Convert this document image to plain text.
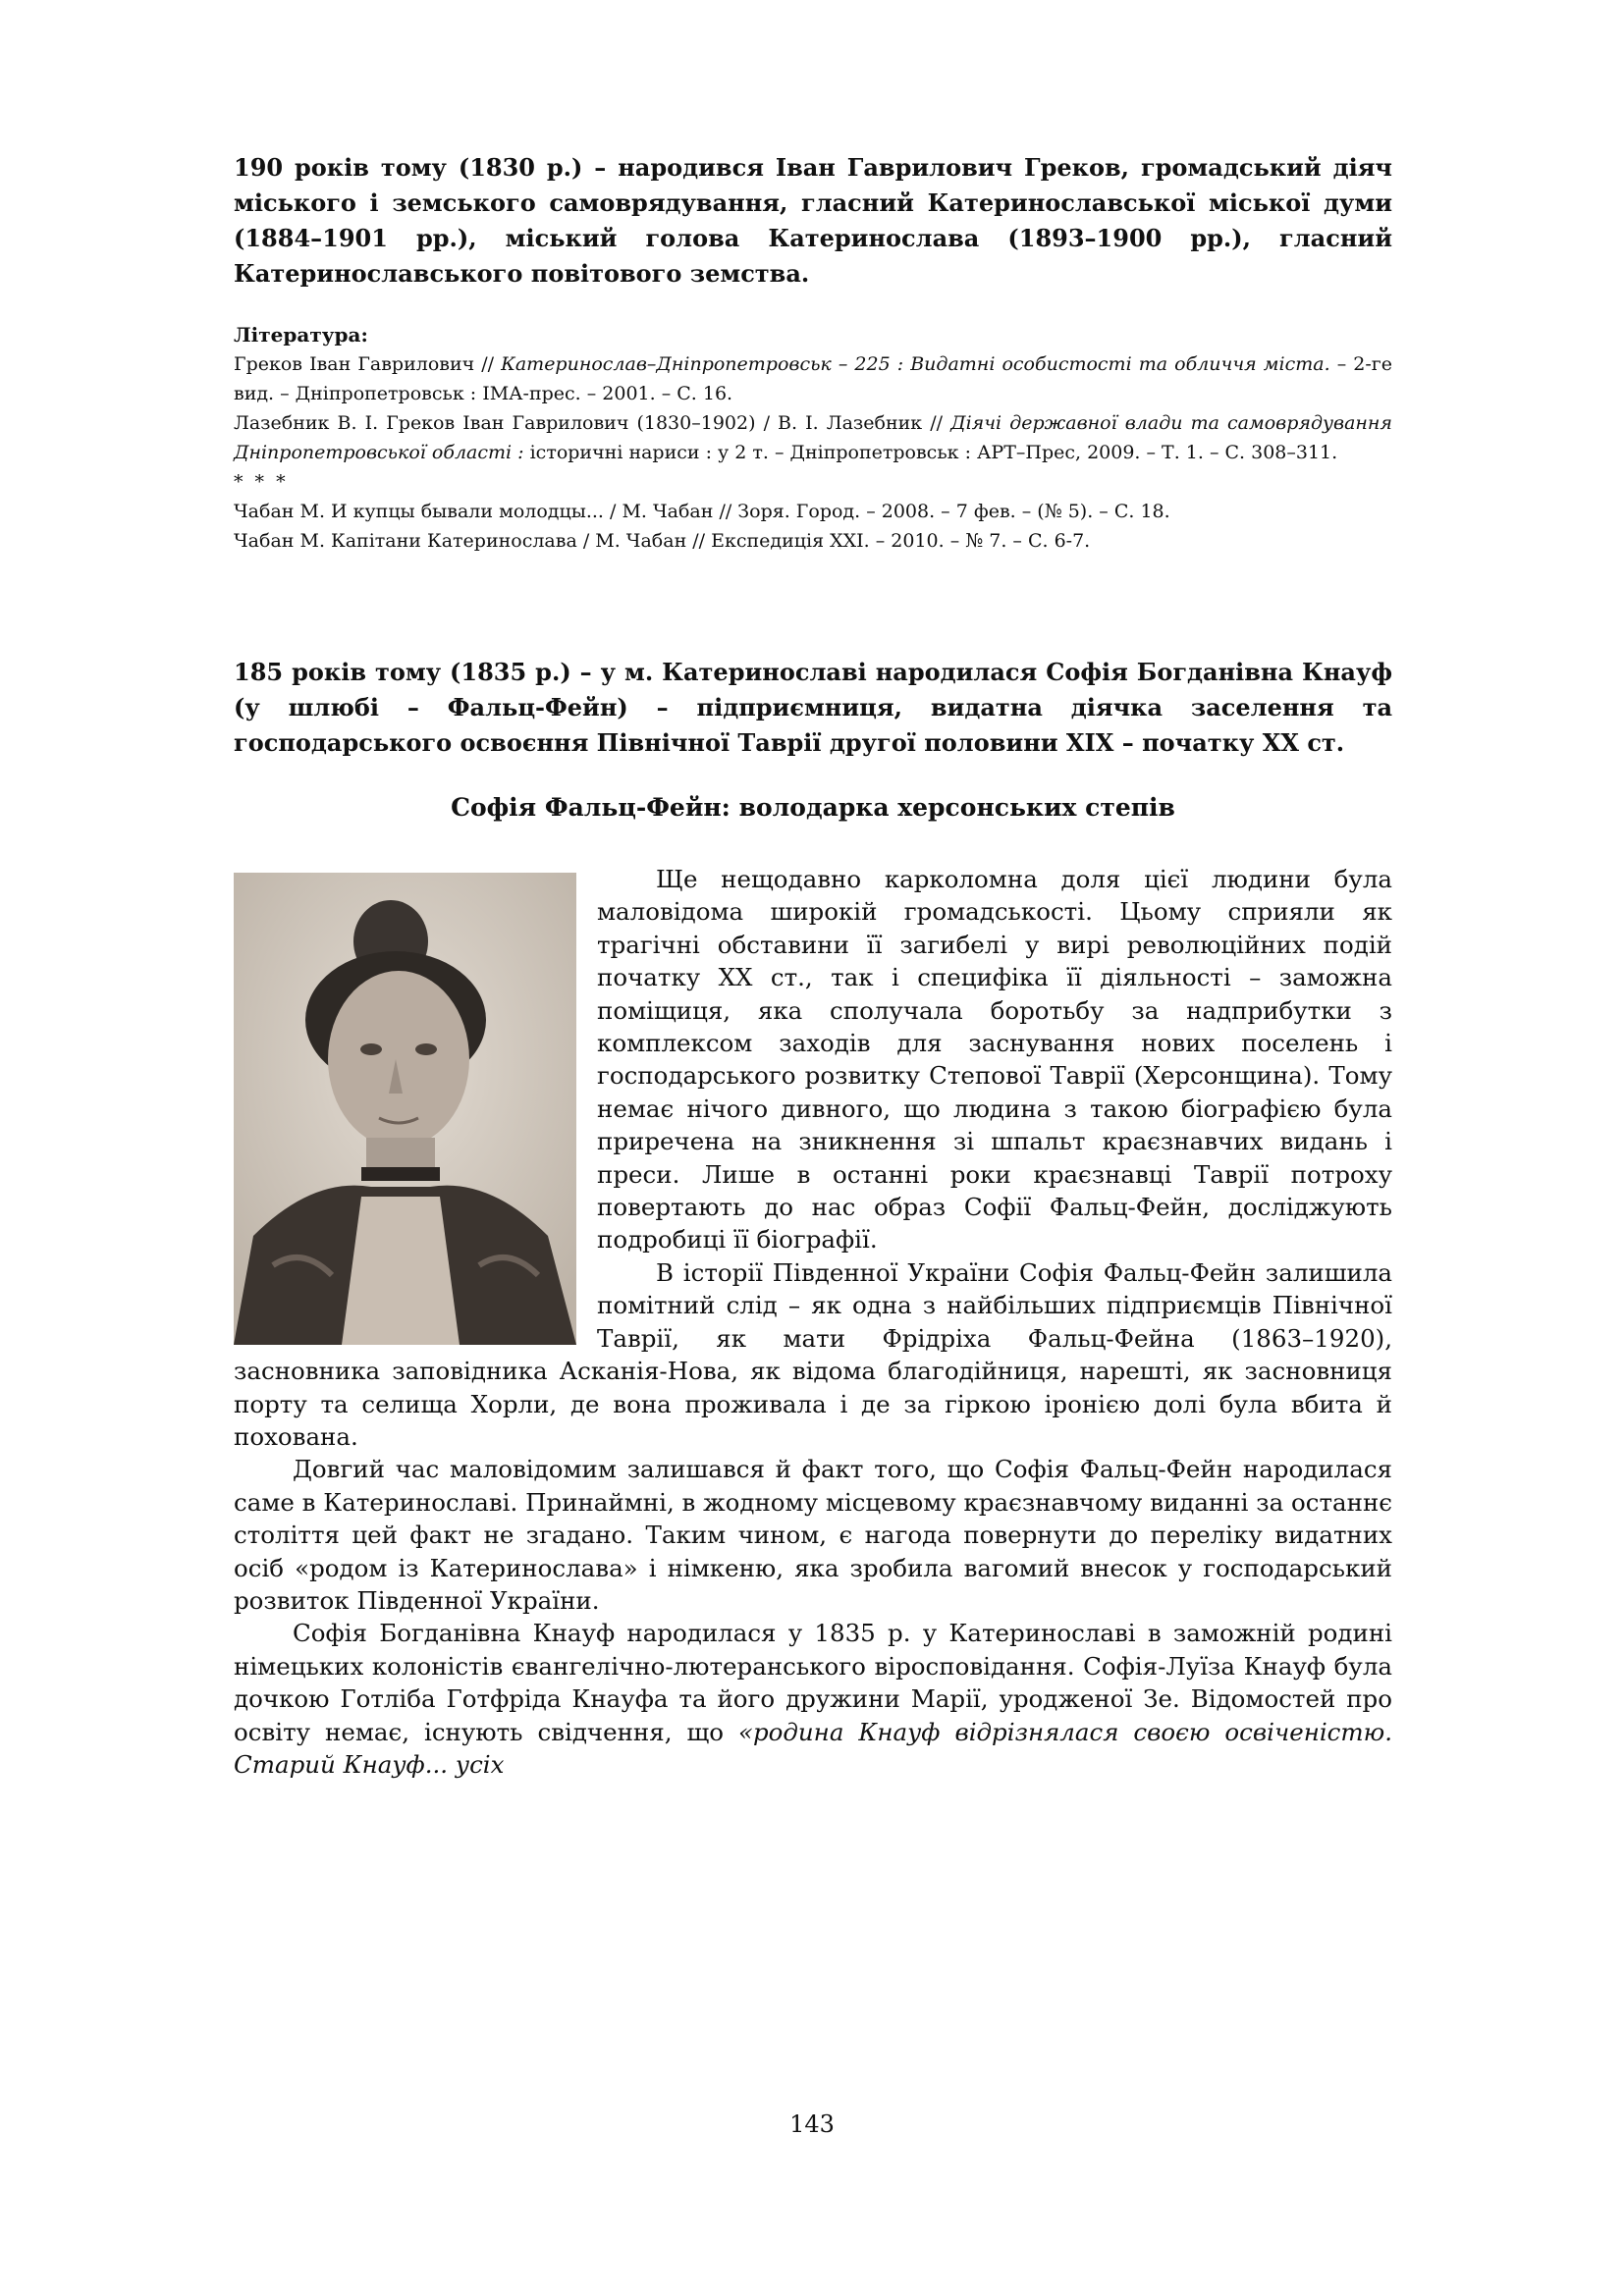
190 років тому (1830 р.) – народився Іван Гаврилович Греков, громадський діяч міського і земського самоврядування, гласний Катеринославської міської думи (1884–1901 рр.), міський голова Катеринослава (1893–1900 рр.), гласний Катеринославського повітового земства.

Література:

Греков Іван Гаврилович // Катеринослав–Дніпропетровськ – 225 : Видатні особистості та обличчя міста. – 2-ге вид. – Дніпропетровськ : ІМА-прес. – 2001. – С. 16.

Лазебник В. І. Греков Іван Гаврилович (1830–1902) / В. І. Лазебник // Діячі державної влади та самоврядування Дніпропетровської області : історичні нариси : у 2 т. – Дніпропетровськ : АРТ–Прес, 2009. – Т. 1. – С. 308–311.

* * *

Чабан М. И купцы бывали молодцы... / М. Чабан // Зоря. Город. – 2008. – 7 фев. – (№ 5). – С. 18.

Чабан М. Капітани Катеринослава / М. Чабан // Експедиція ХХІ. – 2010. – № 7. – С. 6-7.

185 років тому (1835 р.) – у м. Катеринославі народилася Софія Богданівна Кнауф (у шлюбі – Фальц-Фейн) – підприємниця, видатна діячка заселення та господарського освоєння Північної Таврії другої половини ХІХ – початку ХХ ст.

Софія Фальц-Фейн: володарка херсонських степів

Ще нещодавно карколомна доля цієї людини була маловідома широкій громадськості. Цьому сприяли як трагічні обставини її загибелі у вирі революційних подій початку ХХ ст., так і специфіка її діяльності – заможна поміщиця, яка сполучала боротьбу за надприбутки з комплексом заходів для заснування нових поселень і господарського розвитку Степової Таврії (Херсонщина). Тому немає нічого дивного, що людина з такою біографією була приречена на зникнення зі шпальт краєзнавчих видань і преси. Лише в останні роки краєзнавці Таврії потроху повертають до нас образ Софії Фальц-Фейн, досліджують подробиці її біографії.

В історії Південної України Софія Фальц-Фейн залишила помітний слід – як одна з найбільших підприємців Північної Таврії, як мати Фрідріха Фальц-Фейна (1863–1920), засновника заповідника Асканія-Нова, як відома благодійниця, нарешті, як засновниця порту та селища Хорли, де вона проживала і де за гіркою іронією долі була вбита й похована.

Довгий час маловідомим залишався й факт того, що Софія Фальц-Фейн народилася саме в Катеринославі. Принаймні, в жодному місцевому краєзнавчому виданні за останнє століття цей факт не згадано. Таким чином, є нагода повернути до переліку видатних осіб «родом із Катеринослава» і німкеню, яка зробила вагомий внесок у господарський розвиток Південної України.

Софія Богданівна Кнауф народилася у 1835 р. у Катеринославі в заможній родині німецьких колоністів євангелічно-лютеранського віросповідання. Софія-Луїза Кнауф була дочкою Готліба Готфріда Кнауфа та його дружини Марії, уродженої Зе. Відомостей про освіту немає, існують свідчення, що «родина Кнауф відрізнялася своєю освіченістю. Старий Кнауф... усіх

143
